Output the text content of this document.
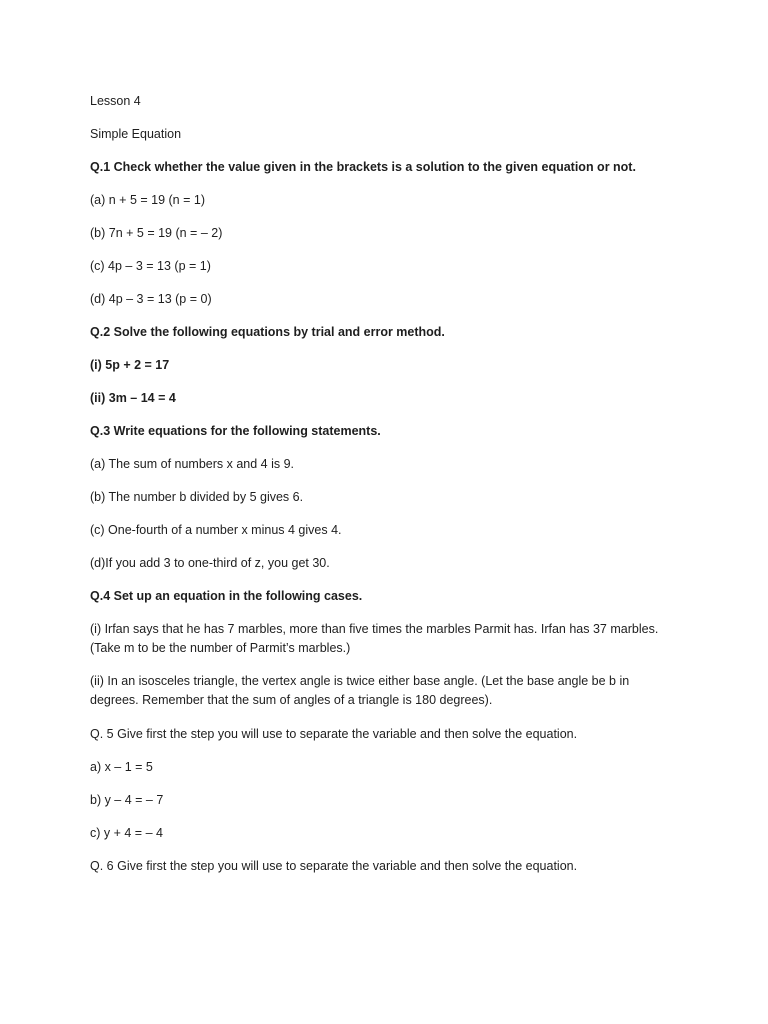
Lesson 4

Simple Equation

Q.1 Check whether the value given in the brackets is a solution to the given equation or not.

(a) n + 5 = 19 (n = 1)

(b) 7n + 5 = 19 (n = – 2)

(c) 4p – 3 = 13 (p = 1)

(d) 4p – 3 = 13 (p = 0)

Q.2 Solve the following equations by trial and error method.

(i) 5p + 2 = 17

(ii) 3m – 14 = 4

Q.3 Write equations for the following statements.

(a) The sum of numbers x and 4 is 9.

(b) The number b divided by 5 gives 6.

(c) One-fourth of a number x minus 4 gives 4.

(d)If you add 3 to one-third of z, you get 30.

Q.4 Set up an equation in the following cases.

(i) Irfan says that he has 7 marbles, more than five times the marbles Parmit has. Irfan has 37 marbles. (Take m to be the number of Parmit’s marbles.)

(ii) In an isosceles triangle, the vertex angle is twice either base angle. (Let the base angle be b in degrees. Remember that the sum of angles of a triangle is 180 degrees).

Q. 5 Give first the step you will use to separate the variable and then solve the equation.

a) x – 1 = 5

b) y – 4 = – 7

c) y + 4 = – 4

Q. 6 Give first the step you will use to separate the variable and then solve the equation.
